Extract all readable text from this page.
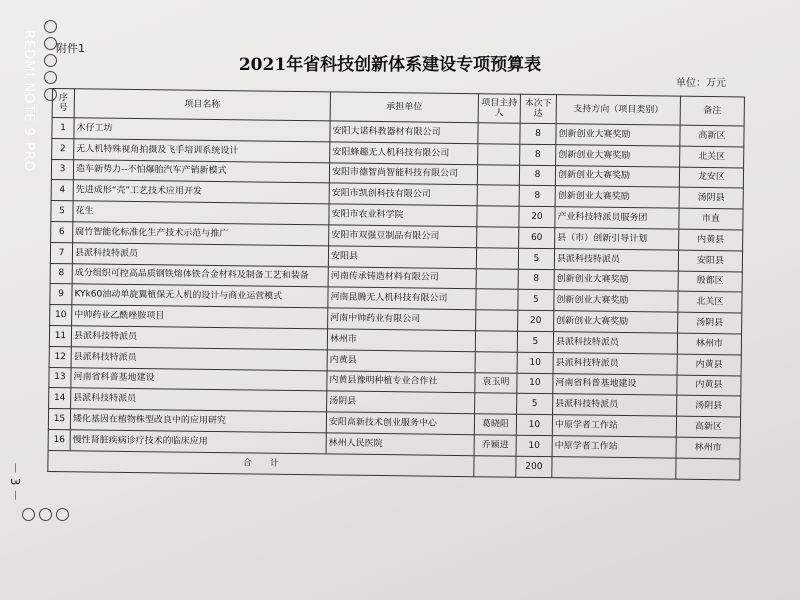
REDMI NOTE 9 PRO 附件1
2021年省科技创新体系建设专项预算表
单位：万元
－ 3 －
序号	项目名称	承担单位	项目主持人	本次下达	支持方向（项目类别）	备注
1	木仔工坊	安阳大诺科教器材有限公司		8	创新创业大赛奖励	高新区
2	无人机特殊视角拍摄及飞手培训系统设计	安阳蜂趣无人机科技有限公司		8	创新创业大赛奖励	北关区
3	造车新势力--不怕爆胎汽车产销新模式	安阳市德智尚智能科技有限公司		8	创新创业大赛奖励	龙安区
4	先进成形“壳”工艺技术应用开发	安阳市凯创科技有限公司		8	创新创业大赛奖励	汤阴县
5	花生	安阳市农业科学院		20	产业科技特派员服务团	市直
6	腐竹智能化标准化生产技术示范与推广	安阳市双强豆制品有限公司		60	县（市）创新引导计划	内黄县
7	县派科技特派员	安阳县		5	县派科技特派员	安阳县
8	成分组织可控高品质钢铁熔体铁合金材料及制备工艺和装备	河南传承铸造材料有限公司		8	创新创业大赛奖励	殷都区
9	KYk60油动单旋翼植保无人机的设计与商业运营模式	河南昆腾无人机科技有限公司		5	创新创业大赛奖励	北关区
10	中帅药业乙酰唑胺项目	河南中帅药业有限公司		20	创新创业大赛奖励	汤阴县
11	县派科技特派员	林州市		5	县派科技特派员	林州市
12	县派科技特派员	内黄县		10	县派科技特派员	内黄县
13	河南省科普基地建设	内黄县豫明种植专业合作社	袁玉明	10	河南省科普基地建设	内黄县
14	县派科技特派员	汤阴县		5	县派科技特派员	汤阴县
15	矮化基因在植物株型改良中的应用研究	安阳高新技术创业服务中心	葛晓阳	10	中原学者工作站	高新区
16	慢性肾脏疾病诊疗技术的临床应用	林州人民医院	乔颖进	10	中原学者工作站	林州市
合　　计				200		
